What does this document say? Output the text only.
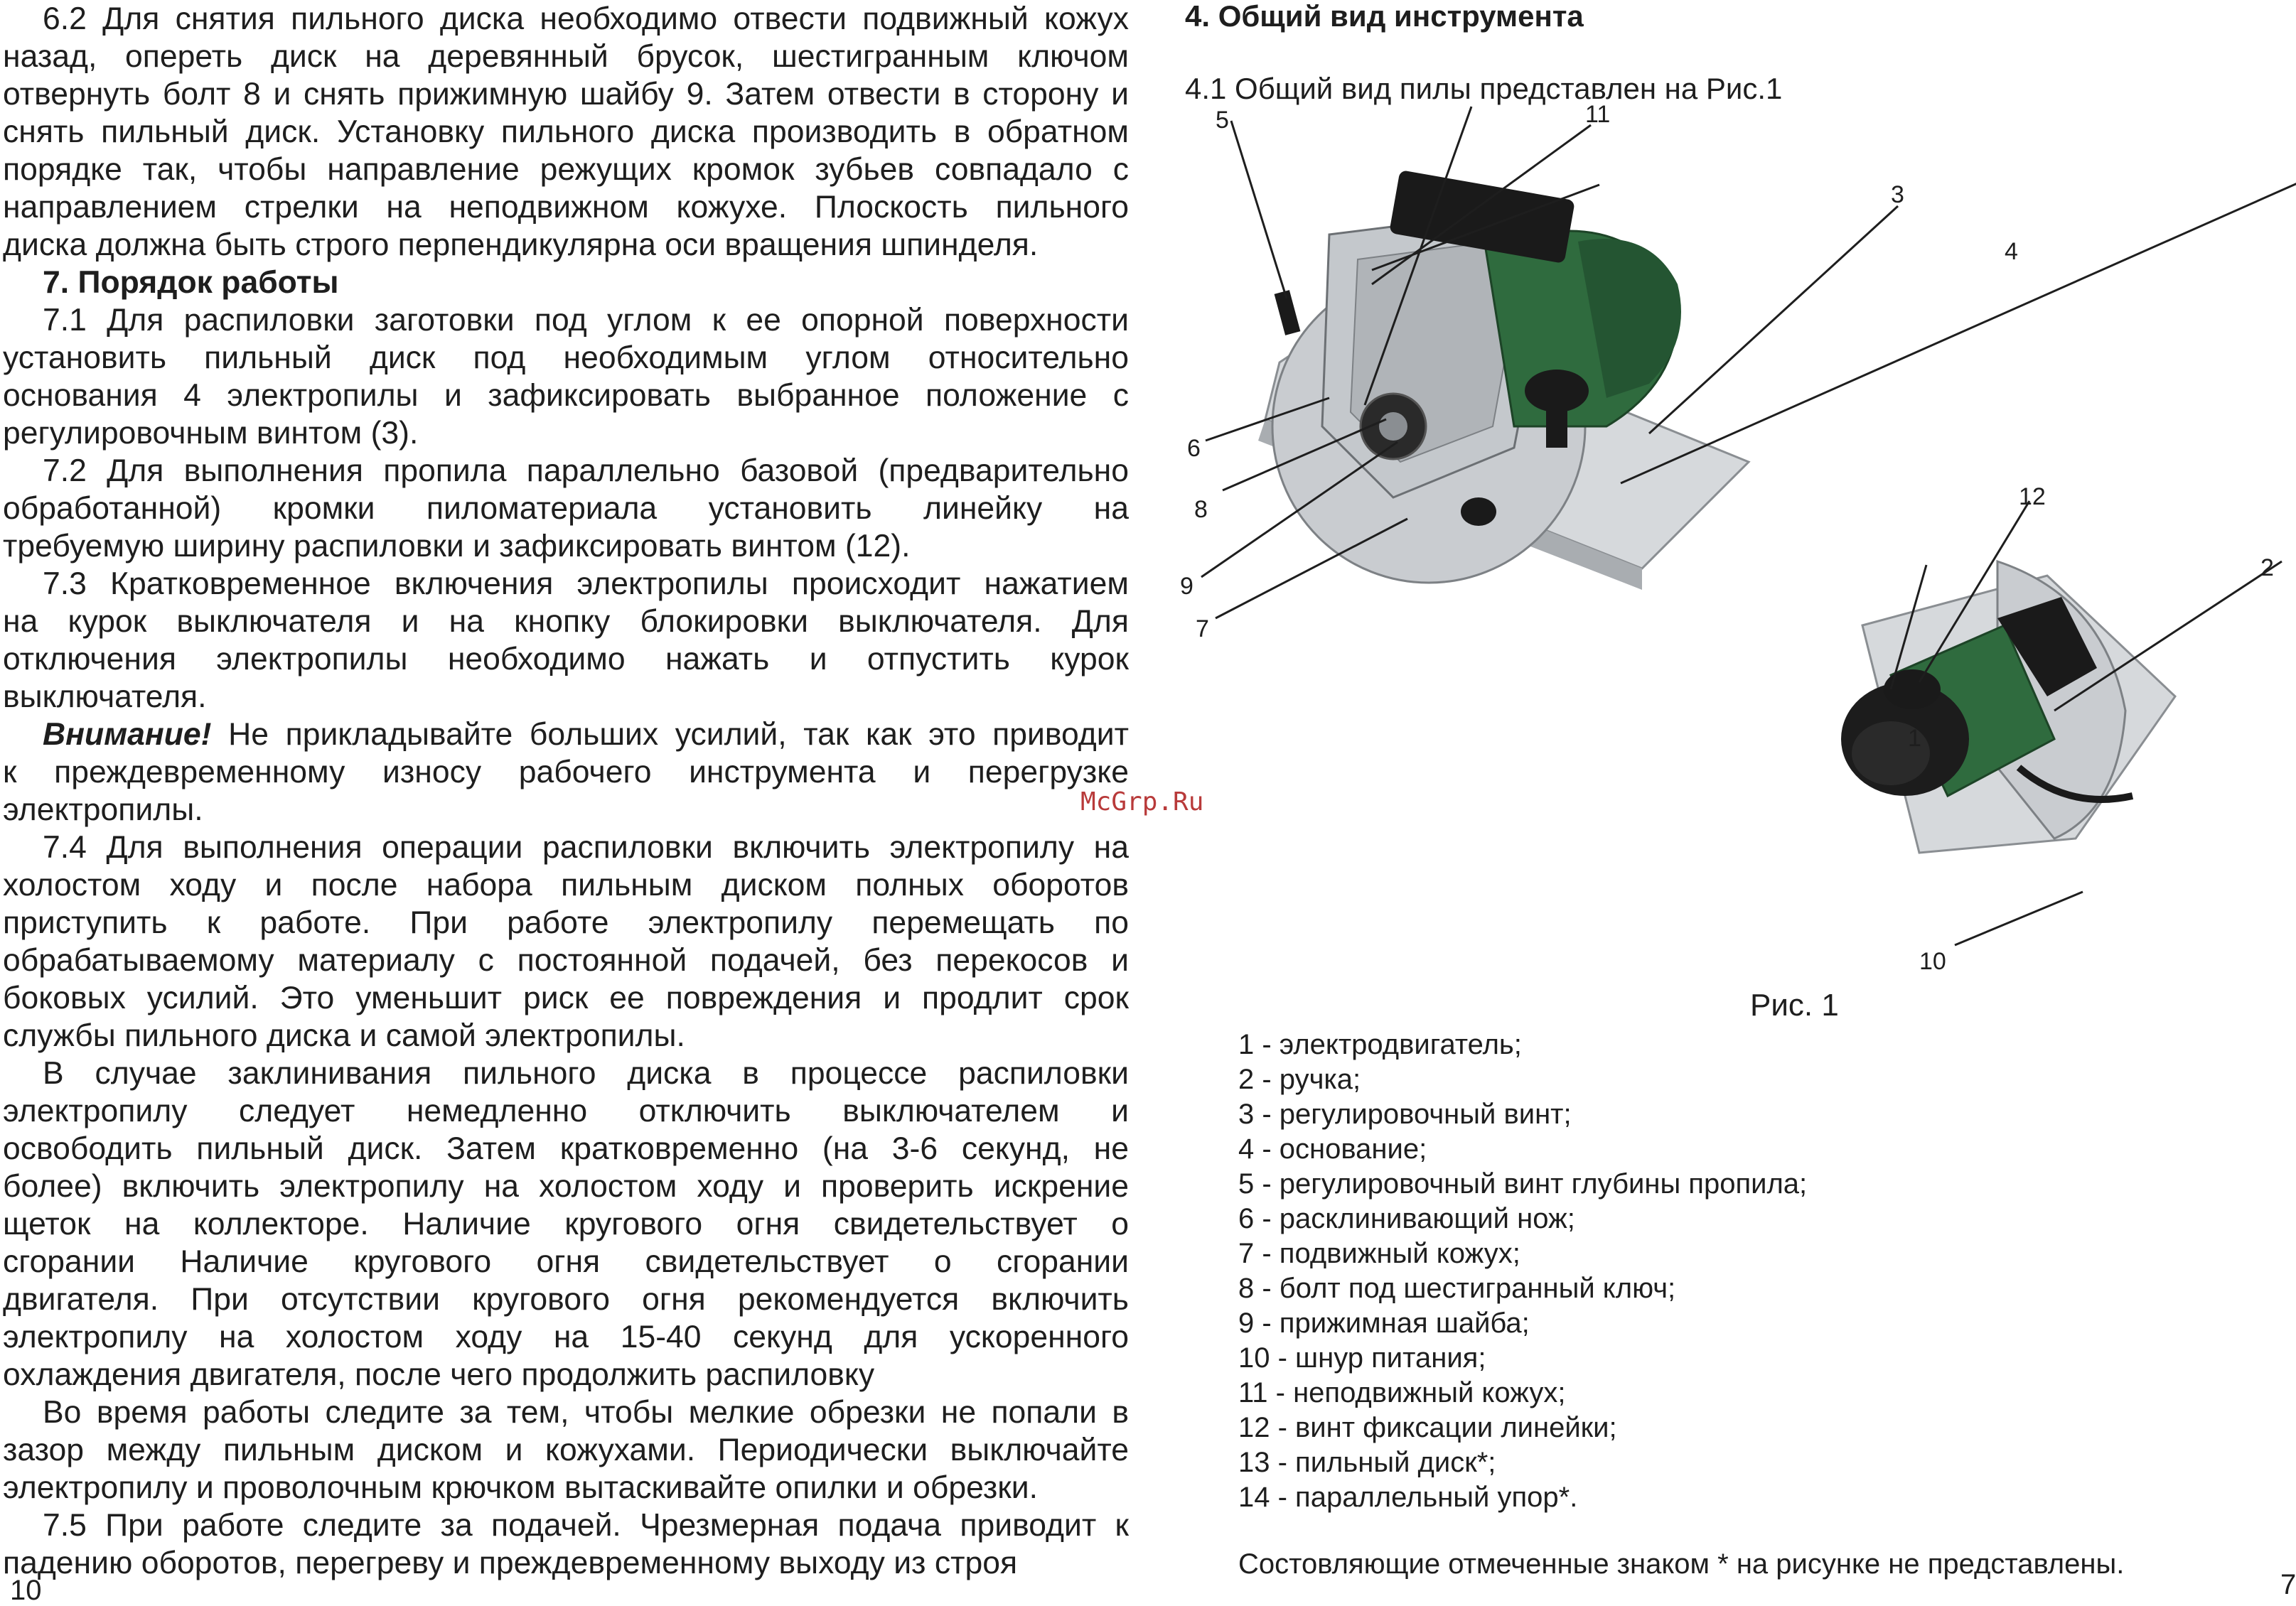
6.2 Для снятия пильного диска необходимо отвести подвижный кожух
назад, опереть диск на деревянный брусок, шестигранным ключом
отвернуть болт 8 и снять прижимную шайбу 9. Затем отвести в сторону и
снять пильный диск. Установку пильного диска производить в обратном
порядке так, чтобы направление режущих кромок зубьев совпадало с
направлением стрелки на неподвижном кожухе. Плоскость пильного
диска должна быть строго перпендикулярна оси вращения шпинделя.
7. Порядок работы
7.1 Для распиловки заготовки под углом к ее опорной поверхности
установить пильный диск под необходимым углом относительно
основания 4 электропилы и зафиксировать выбранное положение с
регулировочным винтом (3).
7.2 Для выполнения пропила параллельно базовой (предварительно
обработанной) кромки пиломатериала установить линейку на
требуемую ширину распиловки и зафиксировать винтом (12).
7.3 Кратковременное включения электропилы происходит нажатием
на курок выключателя и на кнопку блокировки выключателя. Для
отключения электропилы необходимо нажать и отпустить курок
выключателя.
Внимание! Не прикладывайте больших усилий, так как это приводит
к преждевременному износу рабочего инструмента и перегрузке
электропилы.
7.4 Для выполнения операции распиловки включить электропилу на
холостом ходу и после набора пильным диском полных оборотов
приступить к работе. При работе электропилу перемещать по
обрабатываемому материалу с постоянной подачей, без перекосов и
боковых усилий. Это уменьшит риск ее повреждения и продлит срок
службы пильного диска и самой электропилы.
В случае заклинивания пильного диска в процессе распиловки
электропилу следует немедленно отключить выключателем и
освободить пильный диск. Затем кратковременно (на 3-6 секунд, не
более) включить электропилу на холостом ходу и проверить искрение
щеток на коллекторе. Наличие кругового огня свидетельствует о
сгорании Наличие кругового огня свидетельствует о сгорании
двигателя. При отсутствии кругового огня рекомендуется включить
электропилу на холостом ходу на 15-40 секунд для ускоренного
охлаждения двигателя, после чего продолжить распиловку
Во время работы следите за тем, чтобы мелкие обрезки не попали в
зазор между пильным диском и кожухами. Периодически выключайте
электропилу и проволочным крючком вытаскивайте опилки и обрезки.
7.5 При работе следите за подачей. Чрезмерная подача приводит к
падению оборотов, перегреву и преждевременному выходу из строя
10
McGrp.Ru
4. Общий вид инструмента
4.1 Общий вид пилы представлен на Рис.1
5	11
3
4
6
8
9
7
12
2
1
10
Рис. 1
1 - электродвигатель;
2 - ручка;
3 - регулировочный винт;
4 - основание;
5 - регулировочный винт глубины пропила;
6 - расклинивающий нож;
7 - подвижный кожух;
8 - болт под шестигранный ключ;
9 - прижимная шайба;
10 - шнур питания;
11 - неподвижный кожух;
12 - винт фиксации линейки;
13 - пильный диск*;
14 - параллельный упор*.
Состовляющие отмеченные знаком * на рисунке не представлены.
7
